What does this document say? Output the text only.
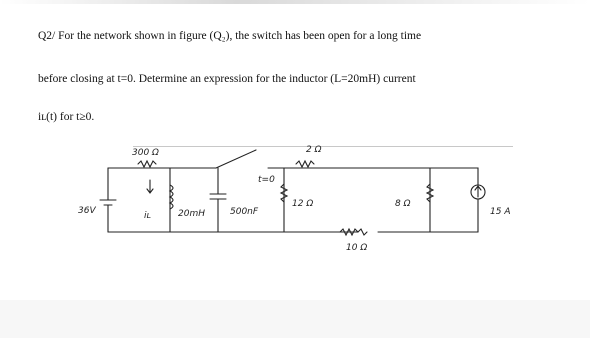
Q2/ For the network shown in figure (Q₂), the switch has been open for a long time
before closing at t=0. Determine an expression for the inductor (L=20mH) current
iʟ(t) for t≥0.
36V
300 Ω
t=0
2 Ω
iʟ	20mH	500nF
12 Ω	8 Ω
10 Ω
15 A
